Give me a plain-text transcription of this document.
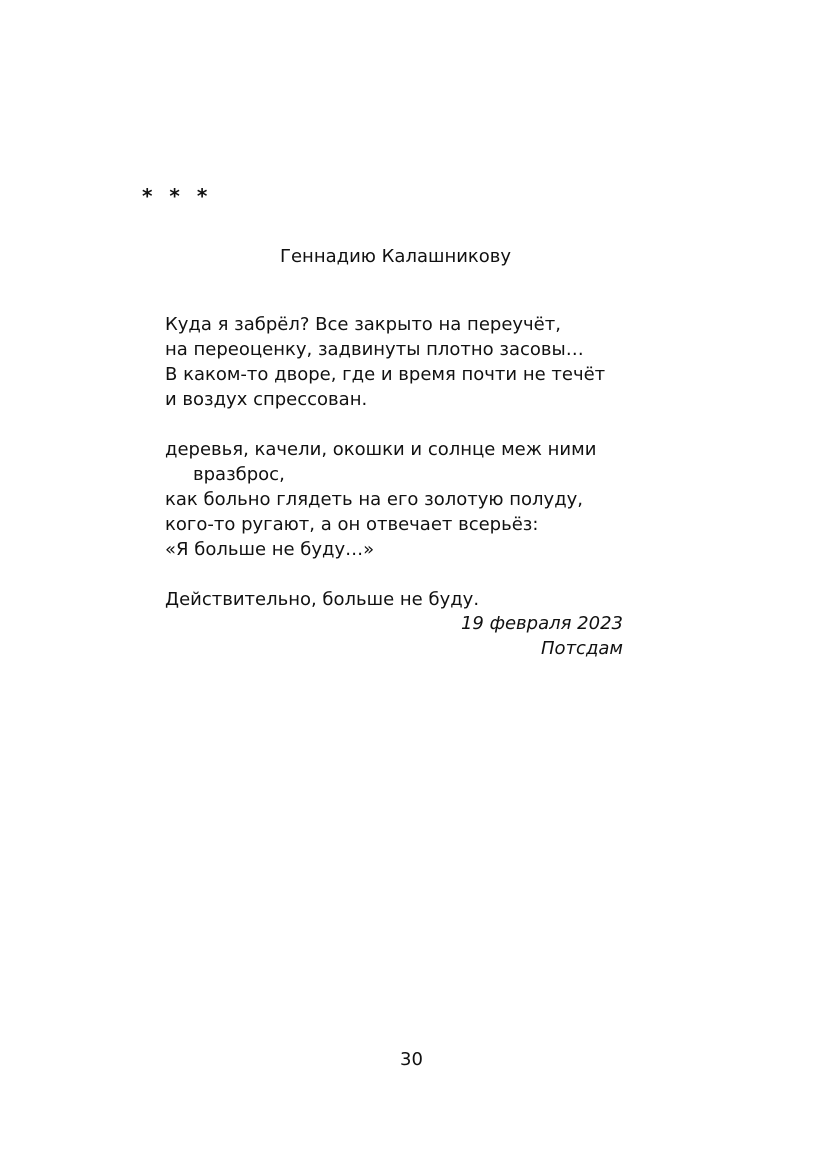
* * *
Геннадию Калашникову
Куда я забрёл? Все закрыто на переучёт,
на переоценку, задвинуты плотно засовы…
В каком-то дворе, где и время почти не течёт
и воздух спрессован.
деревья, качели, окошки и солнце меж ними
вразброс,
как больно глядеть на его золотую полуду,
кого-то ругают, а он отвечает всерьёз:
«Я больше не буду…»
Действительно, больше не буду.
19 февраля 2023
Потсдам
30
